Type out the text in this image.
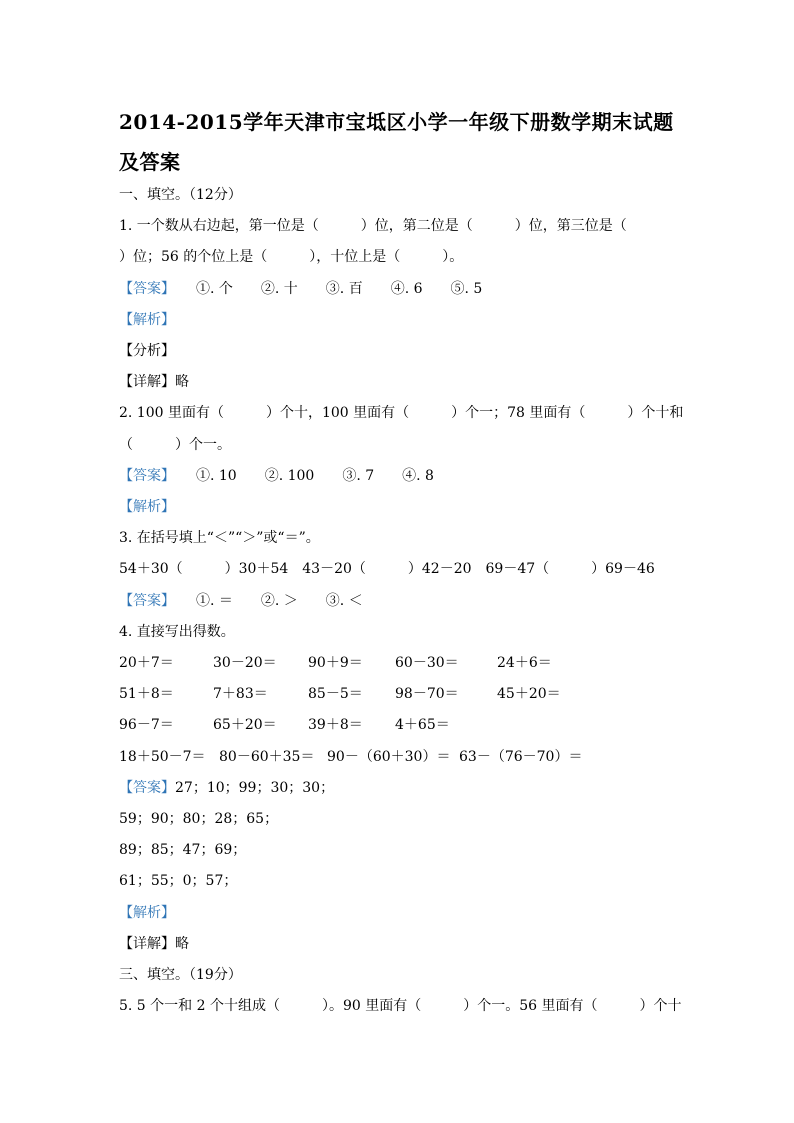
2014-2015学年天津市宝坻区小学一年级下册数学期末试题
及答案
一、填空。（12分）
1. 一个数从右边起，第一位是（　　　）位，第二位是（　　　）位，第三位是（
）位；56 的个位上是（　　　），十位上是（　　　）。
【答案】　　①. 个　　②. 十　　③. 百　　④. 6　　⑤. 5
【解析】
【分析】
【详解】略
2. 100 里面有（　　　）个十，100 里面有（　　　）个一；78 里面有（　　　）个十和
（　　　）个一。
【答案】　　①. 10　　②. 100　　③. 7　　④. 8
【解析】
3. 在括号填上“＜”“＞”或“＝”。
54＋30（　　　）30＋54　43－20（　　　）42－20　69－47（　　　）69－46
【答案】　　①. ＝　　②. ＞　　③. ＜
4. 直接写出得数。
20＋7＝	30－20＝ 90＋9＝ 60－30＝	24＋6＝
51＋8＝	7＋83＝	85－5＝ 98－70＝	45＋20＝
96－7＝	65＋20＝ 39＋8＝ 4＋65＝
18＋50－7＝ 80－60＋35＝ 90－（60＋30）＝ 63－（76－70）＝
【答案】27；10；99；30；30；
59；90；80；28；65；
89；85；47；69；
61；55；0；57；
【解析】
【详解】略
三、填空。（19分）
5. 5 个一和 2 个十组成（　　　）。90 里面有（　　　）个一。56 里面有（　　　）个十
